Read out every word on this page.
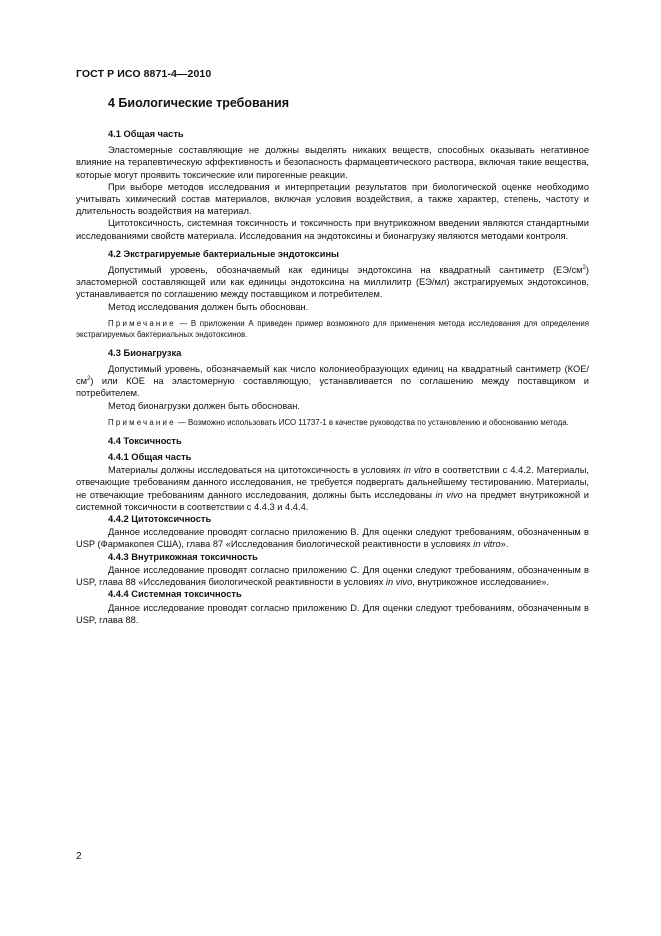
ГОСТ Р ИСО 8871-4—2010
4 Биологические требования
4.1 Общая часть

Эластомерные составляющие не должны выделять никаких веществ, способных оказывать негативное влияние на терапевтическую эффективность и безопасность фармацевтического раствора, включая такие вещества, которые могут проявить токсические или пирогенные реакции.

При выборе методов исследования и интерпретации результатов при биологической оценке необходимо учитывать химический состав материалов, включая условия воздействия, а также характер, степень, частоту и длительность воздействия на материал.

Цитотоксичность, системная токсичность и токсичность при внутрикожном введении являются стандартными исследованиями свойств материала. Исследования на эндотоксины и бионагрузку являются методами контроля.

4.2 Экстрагируемые бактериальные эндотоксины

Допустимый уровень, обозначаемый как единицы эндотоксина на квадратный сантиметр $(ЕЭ/см^2)$ эластомерной составляющей или как единицы эндотоксина на миллилитр (ЕЭ/мл) экстрагируемых эндотоксинов, устанавливается по соглашению между поставщиком и потребителем.

Метод исследования должен быть обоснован.

Примечание — В приложении А приведен пример возможного для применения метода исследования для определения экстрагируемых бактериальных эндотоксинов.

4.3 Бионагрузка

Допустимый уровень, обозначаемый как число колониеобразующих единиц на квадратный сантиметр $(КОЕ/см^2)$ или КОЕ на эластомерную составляющую, устанавливается по соглашению между поставщиком и потребителем.

Метод бионагрузки должен быть обоснован.

Примечание — Возможно использовать ИСО 11737-1 в качестве руководства по установлению и обоснованию метода.

4.4 Токсичность
4.4.1 Общая часть

Материалы должны исследоваться на цитотоксичность в условиях in vitro в соответствии с 4.4.2. Материалы, отвечающие требованиям данного исследования, не требуется подвергать дальнейшему тестированию. Материалы, не отвечающие требованиям данного исследования, должны быть исследованы in vivo на предмет внутрикожной и системной токсичности в соответствии с 4.4.3 и 4.4.4.

4.4.2 Цитотоксичность

Данное исследование проводят согласно приложению В. Для оценки следуют требованиям, обозначенным в USP (Фармакопея США), глава 87 «Исследования биологической реактивности в условиях in vitro».

4.4.3 Внутрикожная токсичность

Данное исследование проводят согласно приложению С. Для оценки следуют требованиям, обозначенным в USP, глава 88 «Исследования биологической реактивности в условиях in vivo, внутрикожное исследование».

4.4.4 Системная токсичность

Данное исследование проводят согласно приложению D. Для оценки следуют требованиям, обозначенным в USP, глава 88.

2
